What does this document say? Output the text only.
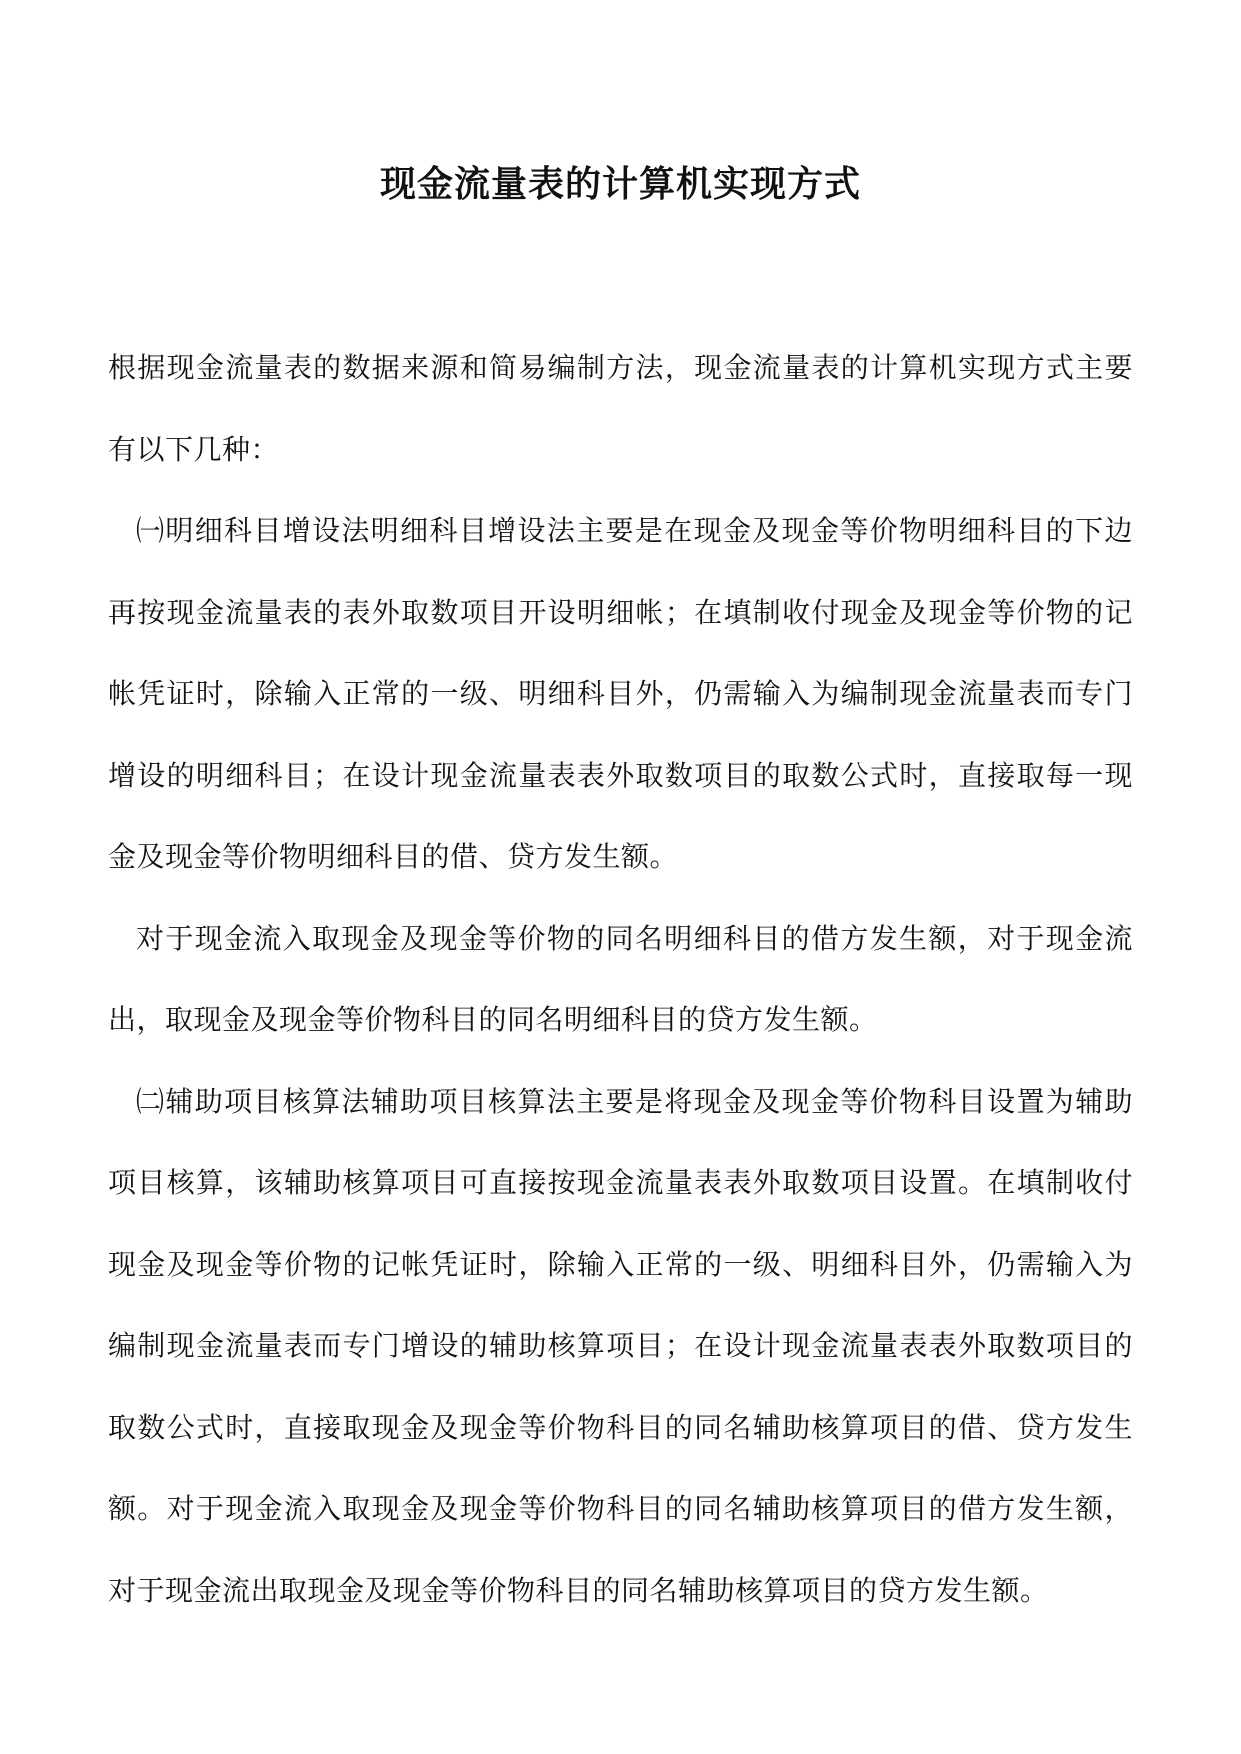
现金流量表的计算机实现方式

根据现金流量表的数据来源和简易编制方法，现金流量表的计算机实现方式主要有以下几种：

㈠明细科目增设法明细科目增设法主要是在现金及现金等价物明细科目的下边再按现金流量表的表外取数项目开设明细帐；在填制收付现金及现金等价物的记帐凭证时，除输入正常的一级、明细科目外，仍需输入为编制现金流量表而专门增设的明细科目；在设计现金流量表表外取数项目的取数公式时，直接取每一现金及现金等价物明细科目的借、贷方发生额。

对于现金流入取现金及现金等价物的同名明细科目的借方发生额，对于现金流出，取现金及现金等价物科目的同名明细科目的贷方发生额。

㈡辅助项目核算法辅助项目核算法主要是将现金及现金等价物科目设置为辅助项目核算，该辅助核算项目可直接按现金流量表表外取数项目设置。在填制收付现金及现金等价物的记帐凭证时，除输入正常的一级、明细科目外，仍需输入为编制现金流量表而专门增设的辅助核算项目；在设计现金流量表表外取数项目的取数公式时，直接取现金及现金等价物科目的同名辅助核算项目的借、贷方发生额。对于现金流入取现金及现金等价物科目的同名辅助核算项目的借方发生额，对于现金流出取现金及现金等价物科目的同名辅助核算项目的贷方发生额。
